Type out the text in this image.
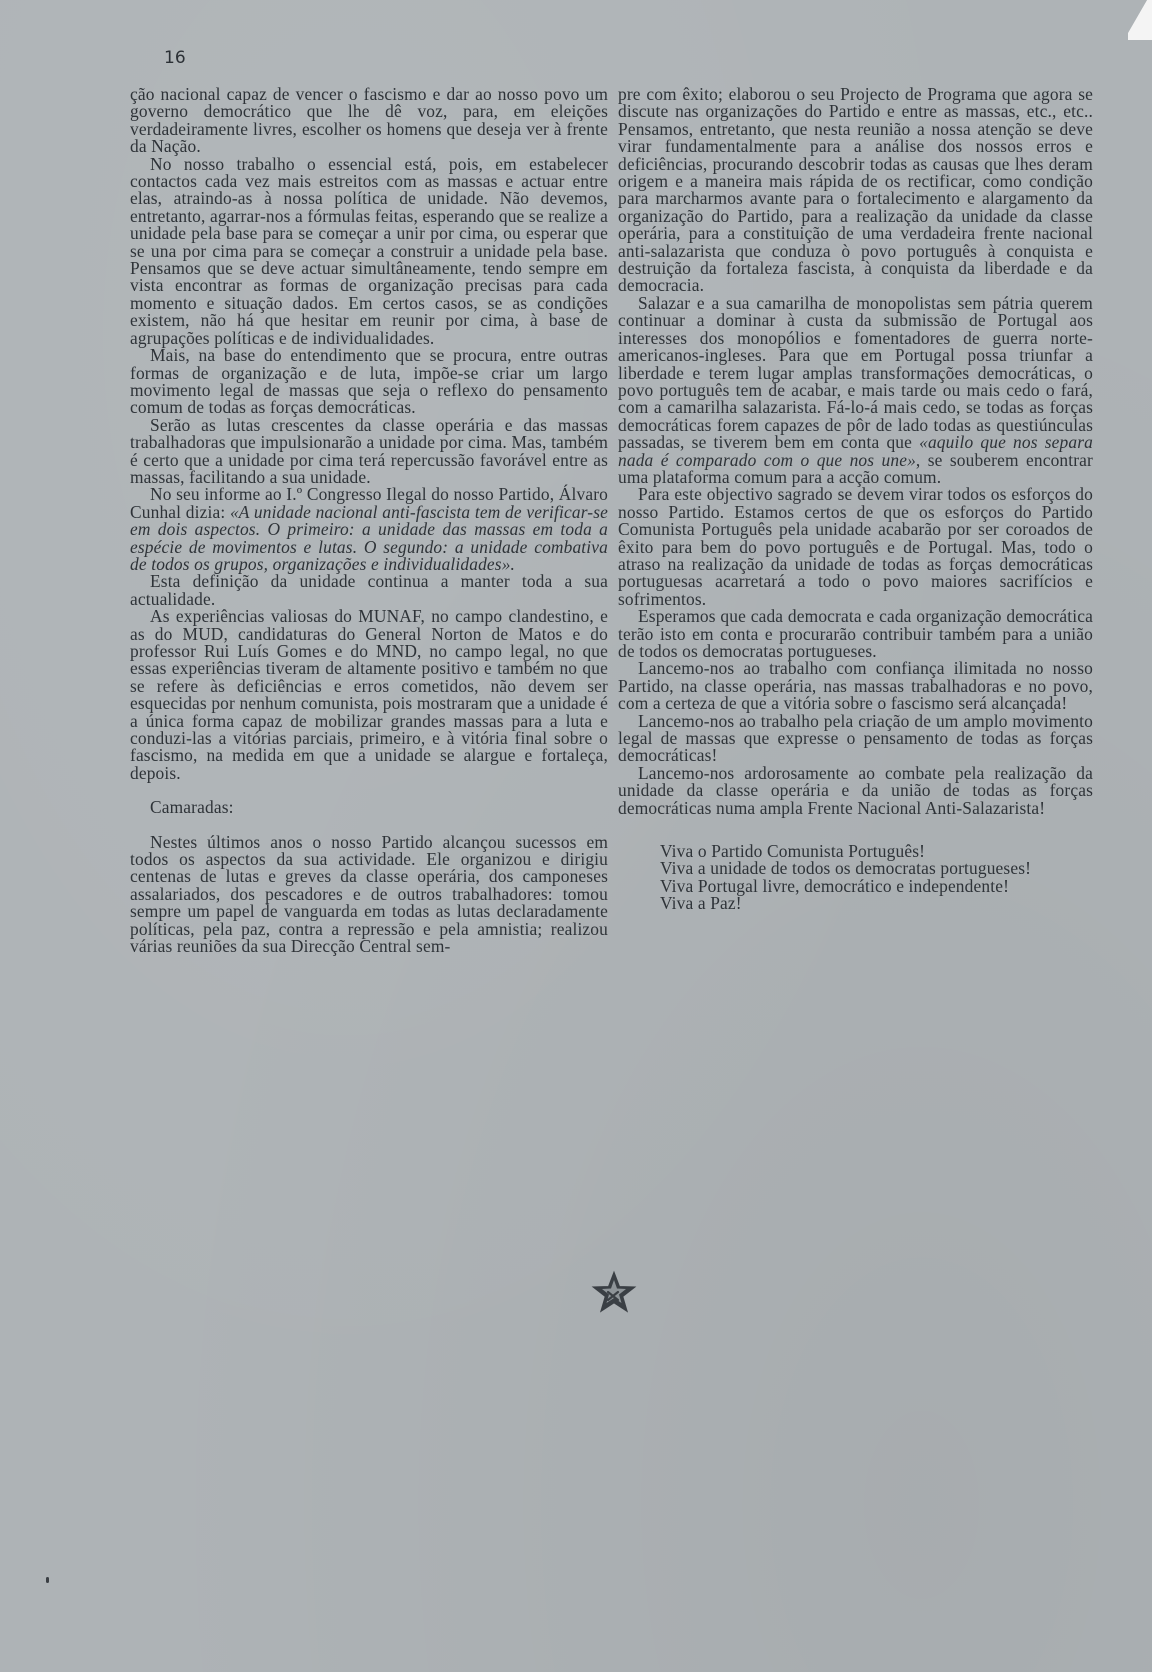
16

ção nacional capaz de vencer o fascismo e dar ao nosso povo um governo democrático que lhe dê voz, para, em eleições verdadeiramente livres, escolher os homens que deseja ver à frente da Nação.

No nosso trabalho o essencial está, pois, em estabelecer contactos cada vez mais estreitos com as massas e actuar entre elas, atraindo-as à nossa política de unidade. Não devemos, entretanto, agarrar-nos a fórmulas feitas, esperando que se realize a unidade pela base para se começar a unir por cima, ou esperar que se una por cima para se começar a construir a unidade pela base. Pensamos que se deve actuar simultâneamente, tendo sempre em vista encontrar as formas de organização precisas para cada momento e situação dados. Em certos casos, se as condições existem, não há que hesitar em reunir por cima, à base de agrupações políticas e de individualidades.

Mais, na base do entendimento que se procura, entre outras formas de organização e de luta, impõe-se criar um largo movimento legal de massas que seja o reflexo do pensamento comum de todas as forças democráticas.

Serão as lutas crescentes da classe operária e das massas trabalhadoras que impulsionarão a unidade por cima. Mas, também é certo que a unidade por cima terá repercussão favorável entre as massas, facilitando a sua unidade.

No seu informe ao I.º Congresso Ilegal do nosso Partido, Álvaro Cunhal dizia: «A unidade nacional anti-fascista tem de verificar-se em dois aspectos. O primeiro: a unidade das massas em toda a espécie de movimentos e lutas. O segundo: a unidade combativa de todos os grupos, organizações e individualidades».

Esta definição da unidade continua a manter toda a sua actualidade.

As experiências valiosas do MUNAF, no campo clandestino, e as do MUD, candidaturas do General Norton de Matos e do professor Rui Luís Gomes e do MND, no campo legal, no que essas experiências tiveram de altamente positivo e também no que se refere às deficiências e erros cometidos, não devem ser esquecidas por nenhum comunista, pois mostraram que a unidade é a única forma capaz de mobilizar grandes massas para a luta e conduzi-las a vitórias parciais, primeiro, e à vitória final sobre o fascismo, na medida em que a unidade se alargue e fortaleça, depois.

Camaradas:

Nestes últimos anos o nosso Partido alcançou sucessos em todos os aspectos da sua actividade. Ele organizou e dirigiu centenas de lutas e greves da classe operária, dos camponeses assalariados, dos pescadores e de outros trabalhadores: tomou sempre um papel de vanguarda em todas as lutas declaradamente políticas, pela paz, contra a repressão e pela amnistia; realizou várias reuniões da sua Direcção Central sem-

pre com êxito; elaborou o seu Projecto de Programa que agora se discute nas organizações do Partido e entre as massas, etc., etc.. Pensamos, entretanto, que nesta reunião a nossa atenção se deve virar fundamentalmente para a análise dos nossos erros e deficiências, procurando descobrir todas as causas que lhes deram origem e a maneira mais rápida de os rectificar, como condição para marcharmos avante para o fortalecimento e alargamento da organização do Partido, para a realização da unidade da classe operária, para a constituição de uma verdadeira frente nacional anti-salazarista que conduza ò povo português à conquista e destruição da fortaleza fascista, à conquista da liberdade e da democracia.

Salazar e a sua camarilha de monopolistas sem pátria querem continuar a dominar à custa da submissão de Portugal aos interesses dos monopólios e fomentadores de guerra norte-americanos-ingleses. Para que em Portugal possa triunfar a liberdade e terem lugar amplas transformações democráticas, o povo português tem de acabar, e mais tarde ou mais cedo o fará, com a camarilha salazarista. Fá-lo-á mais cedo, se todas as forças democráticas forem capazes de pôr de lado todas as questiúnculas passadas, se tiverem bem em conta que «aquilo que nos separa nada é comparado com o que nos une», se souberem encontrar uma plataforma comum para a acção comum.

Para este objectivo sagrado se devem virar todos os esforços do nosso Partido. Estamos certos de que os esforços do Partido Comunista Português pela unidade acabarão por ser coroados de êxito para bem do povo português e de Portugal. Mas, todo o atraso na realização da unidade de todas as forças democráticas portuguesas acarretará a todo o povo maiores sacrifícios e sofrimentos.

Esperamos que cada democrata e cada organização democrática terão isto em conta e procurarão contribuir também para a união de todos os democratas portugueses.

Lancemo-nos ao trabalho com confiança ilimitada no nosso Partido, na classe operária, nas massas trabalhadoras e no povo, com a certeza de que a vitória sobre o fascismo será alcançada!

Lancemo-nos ao trabalho pela criação de um amplo movimento legal de massas que expresse o pensamento de todas as forças democráticas!

Lancemo-nos ardorosamente ao combate pela realização da unidade da classe operária e da união de todas as forças democráticas numa ampla Frente Nacional Anti-Salazarista!

Viva o Partido Comunista Português!

Viva a unidade de todos os democratas portugueses!

Viva Portugal livre, democrático e independente!

Viva a Paz!
